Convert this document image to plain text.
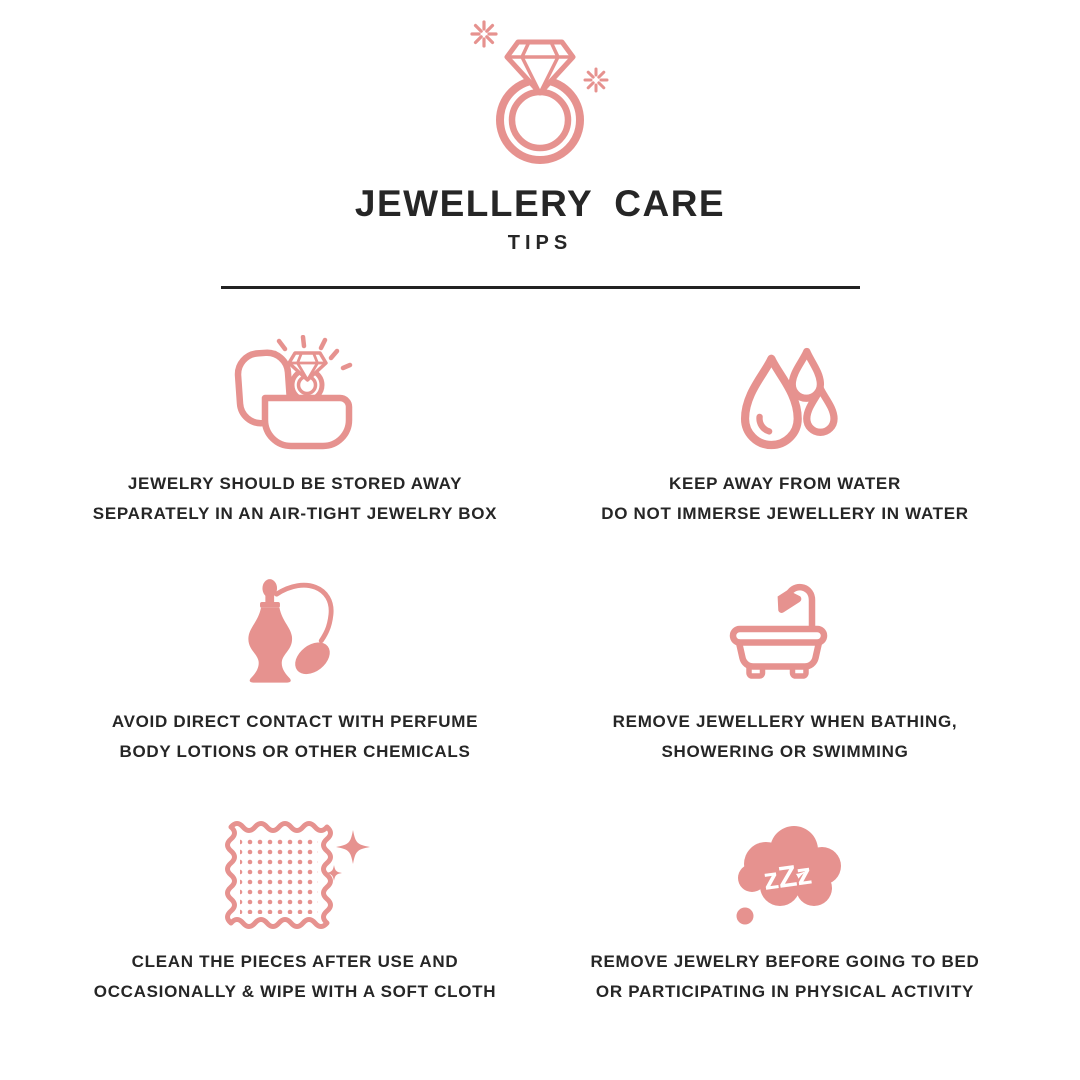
JEWELLERY CARE
TIPS
JEWELRY SHOULD BE STORED AWAY
SEPARATELY IN AN AIR-TIGHT JEWELRY BOX
KEEP AWAY FROM WATER
DO NOT IMMERSE JEWELLERY IN WATER
AVOID DIRECT CONTACT WITH PERFUME
BODY LOTIONS OR OTHER CHEMICALS
REMOVE JEWELLERY WHEN BATHING,
SHOWERING OR SWIMMING
CLEAN THE PIECES AFTER USE AND
OCCASIONALLY & WIPE WITH A SOFT CLOTH
zZz
REMOVE JEWELRY BEFORE GOING TO BED
OR PARTICIPATING IN PHYSICAL ACTIVITY
